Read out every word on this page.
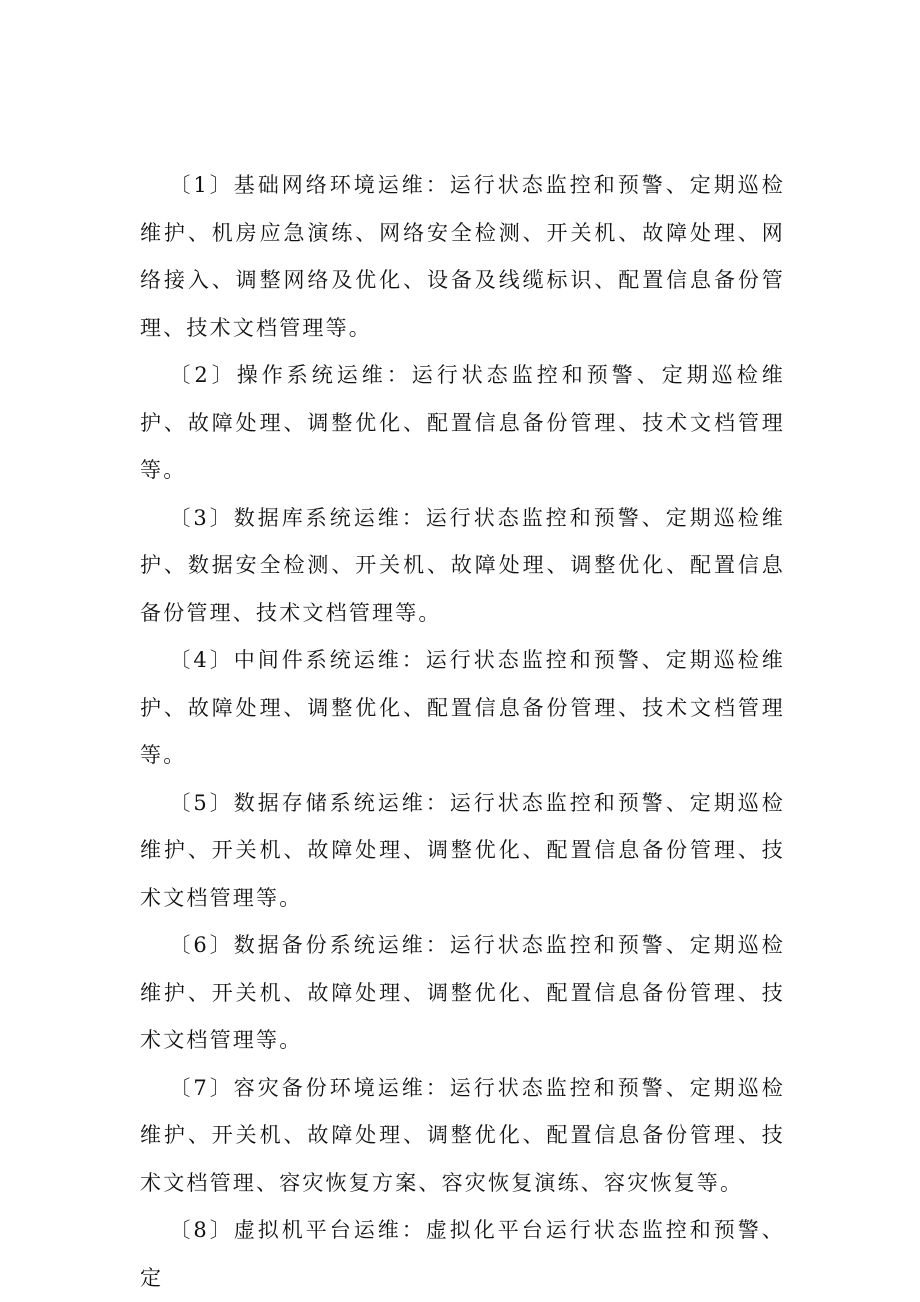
〔1〕基础网络环境运维：运行状态监控和预警、定期巡检维护、机房应急演练、网络安全检测、开关机、故障处理、网络接入、调整网络及优化、设备及线缆标识、配置信息备份管理、技术文档管理等。

〔2〕操作系统运维：运行状态监控和预警、定期巡检维护、故障处理、调整优化、配置信息备份管理、技术文档管理等。

〔3〕数据库系统运维：运行状态监控和预警、定期巡检维护、数据安全检测、开关机、故障处理、调整优化、配置信息备份管理、技术文档管理等。

〔4〕中间件系统运维：运行状态监控和预警、定期巡检维护、故障处理、调整优化、配置信息备份管理、技术文档管理等。

〔5〕数据存储系统运维：运行状态监控和预警、定期巡检维护、开关机、故障处理、调整优化、配置信息备份管理、技术文档管理等。

〔6〕数据备份系统运维：运行状态监控和预警、定期巡检维护、开关机、故障处理、调整优化、配置信息备份管理、技术文档管理等。

〔7〕容灾备份环境运维：运行状态监控和预警、定期巡检维护、开关机、故障处理、调整优化、配置信息备份管理、技术文档管理、容灾恢复方案、容灾恢复演练、容灾恢复等。

〔8〕虚拟机平台运维：虚拟化平台运行状态监控和预警、定
